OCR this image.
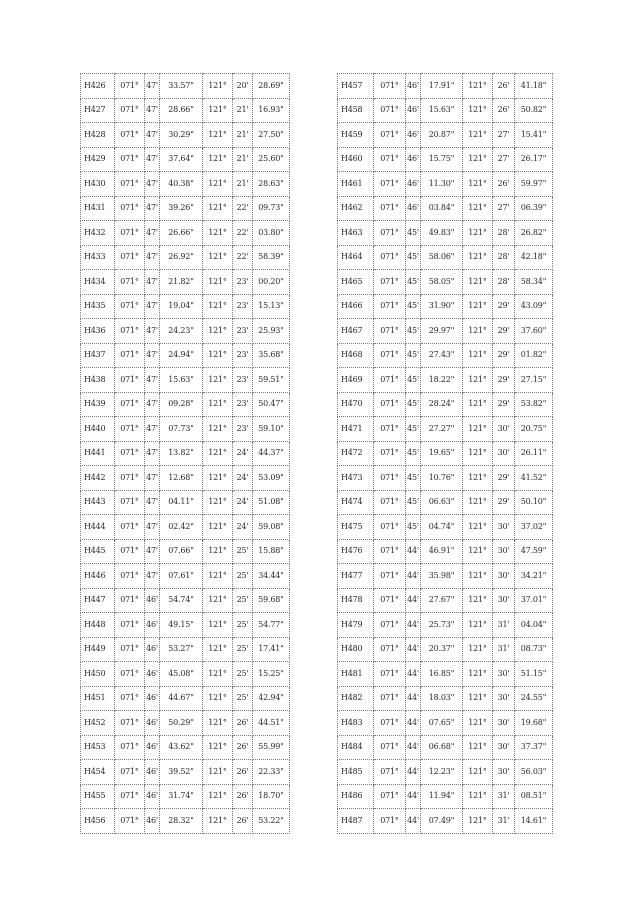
H426	071°	47'	33.57"	121°	20'	28.69"
H427	071°	47'	28.66"	121°	21'	16.93"
H428	071°	47'	30.29"	121°	21'	27.50"
H429	071°	47'	37.64"	121°	21'	25.60"
H430	071°	47'	40.38"	121°	21'	28.63"
H431	071°	47'	39.26"	121°	22'	09.73"
H432	071°	47'	26.66"	121°	22'	03.80"
H433	071°	47'	26.92"	121°	22'	58.39"
H434	071°	47'	21.82"	121°	23'	00.20"
H435	071°	47'	19.04"	121°	23'	15.13"
H436	071°	47'	24.23"	121°	23'	25.93"
H437	071°	47'	24.94"	121°	23'	35.68"
H438	071°	47'	15.63"	121°	23'	59.51"
H439	071°	47'	09.28"	121°	23'	50.47"
H440	071°	47'	07.73"	121°	23'	59.10"
H441	071°	47'	13.82"	121°	24'	44.37"
H442	071°	47'	12.68"	121°	24'	53.09"
H443	071°	47'	04.11"	121°	24'	51.08"
H444	071°	47'	02.42"	121°	24'	59.08"
H445	071°	47'	07.66"	121°	25'	15.88"
H446	071°	47'	07.61"	121°	25'	34.44"
H447	071°	46'	54.74"	121°	25'	59.68"
H448	071°	46'	49.15"	121°	25'	54.77"
H449	071°	46'	53.27"	121°	25'	17.41"
H450	071°	46'	45.08"	121°	25'	15.25"
H451	071°	46'	44.67"	121°	25'	42.94"
H452	071°	46'	50.29"	121°	26'	44.51"
H453	071°	46'	43.62"	121°	26'	55.99"
H454	071°	46'	39.52"	121°	26'	22.33"
H455	071°	46'	31.74"	121°	26'	18.70"
H456	071°	46'	28.32"	121°	26'	53.22"
H457	071°	46'	17.91"	121°	26'	41.18"
H458	071°	46'	15.63"	121°	26'	50.82"
H459	071°	46'	20.87"	121°	27'	15.41"
H460	071°	46'	15.75"	121°	27'	26.17"
H461	071°	46'	11.30"	121°	26'	59.97"
H462	071°	46'	03.84"	121°	27'	06.39"
H463	071°	45'	49.83"	121°	28'	26.82"
H464	071°	45'	58.06"	121°	28'	42.18"
H465	071°	45'	58.05"	121°	28'	58.34"
H466	071°	45'	31.90"	121°	29'	43.09"
H467	071°	45'	29.97"	121°	29'	37.60"
H468	071°	45'	27.43"	121°	29'	01.82"
H469	071°	45'	18.22"	121°	29'	27.15"
H470	071°	45'	28.24"	121°	29'	53.82"
H471	071°	45'	27.27"	121°	30'	20.75"
H472	071°	45'	19.65"	121°	30'	26.11"
H473	071°	45'	10.76"	121°	29'	41.52"
H474	071°	45'	06.63"	121°	29'	50.10"
H475	071°	45'	04.74"	121°	30'	37.02"
H476	071°	44'	46.91"	121°	30'	47.59"
H477	071°	44'	35.98"	121°	30'	34.21"
H478	071°	44'	27.67"	121°	30'	37.01"
H479	071°	44'	25.73"	121°	31'	04.04"
H480	071°	44'	20.37"	121°	31'	08.73"
H481	071°	44'	16.85"	121°	30'	51.15"
H482	071°	44'	18.03"	121°	30'	24.55"
H483	071°	44'	07.65"	121°	30'	19.68"
H484	071°	44'	06.68"	121°	30'	37.37"
H485	071°	44'	12.23"	121°	30'	56.03"
H486	071°	44'	11.94"	121°	31'	08.51"
H487	071°	44'	07.49"	121°	31'	14.61"
